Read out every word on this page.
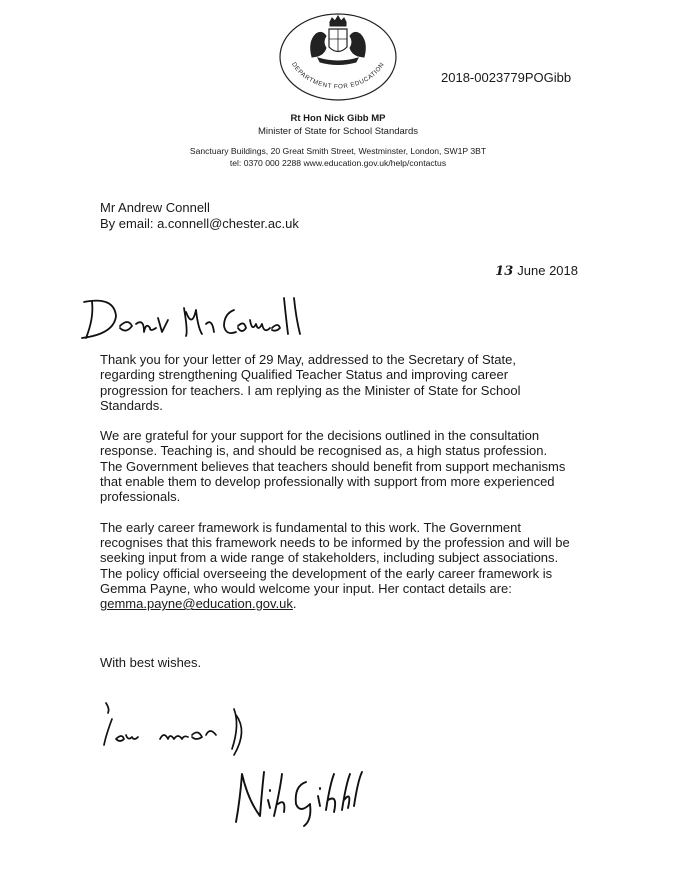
DEPARTMENT FOR EDUCATION
2018-0023779POGibb
Rt Hon Nick Gibb MP
Minister of State for School Standards
Sanctuary Buildings, 20 Great Smith Street, Westminster, London, SW1P 3BT
tel: 0370 000 2288 www.education.gov.uk/help/contactus
Mr Andrew Connell
By email: a.connell@chester.ac.uk
13 June 2018

Thank you for your letter of 29 May, addressed to the Secretary of State, regarding strengthening Qualified Teacher Status and improving career progression for teachers. I am replying as the Minister of State for School Standards.

We are grateful for your support for the decisions outlined in the consultation response. Teaching is, and should be recognised as, a high status profession. The Government believes that teachers should benefit from support mechanisms that enable them to develop professionally with support from more experienced professionals.

The early career framework is fundamental to this work. The Government recognises that this framework needs to be informed by the profession and will be seeking input from a wide range of stakeholders, including subject associations. The policy official overseeing the development of the early career framework is Gemma Payne, who would welcome your input. Her contact details are: gemma.payne@education.gov.uk.

With best wishes.
